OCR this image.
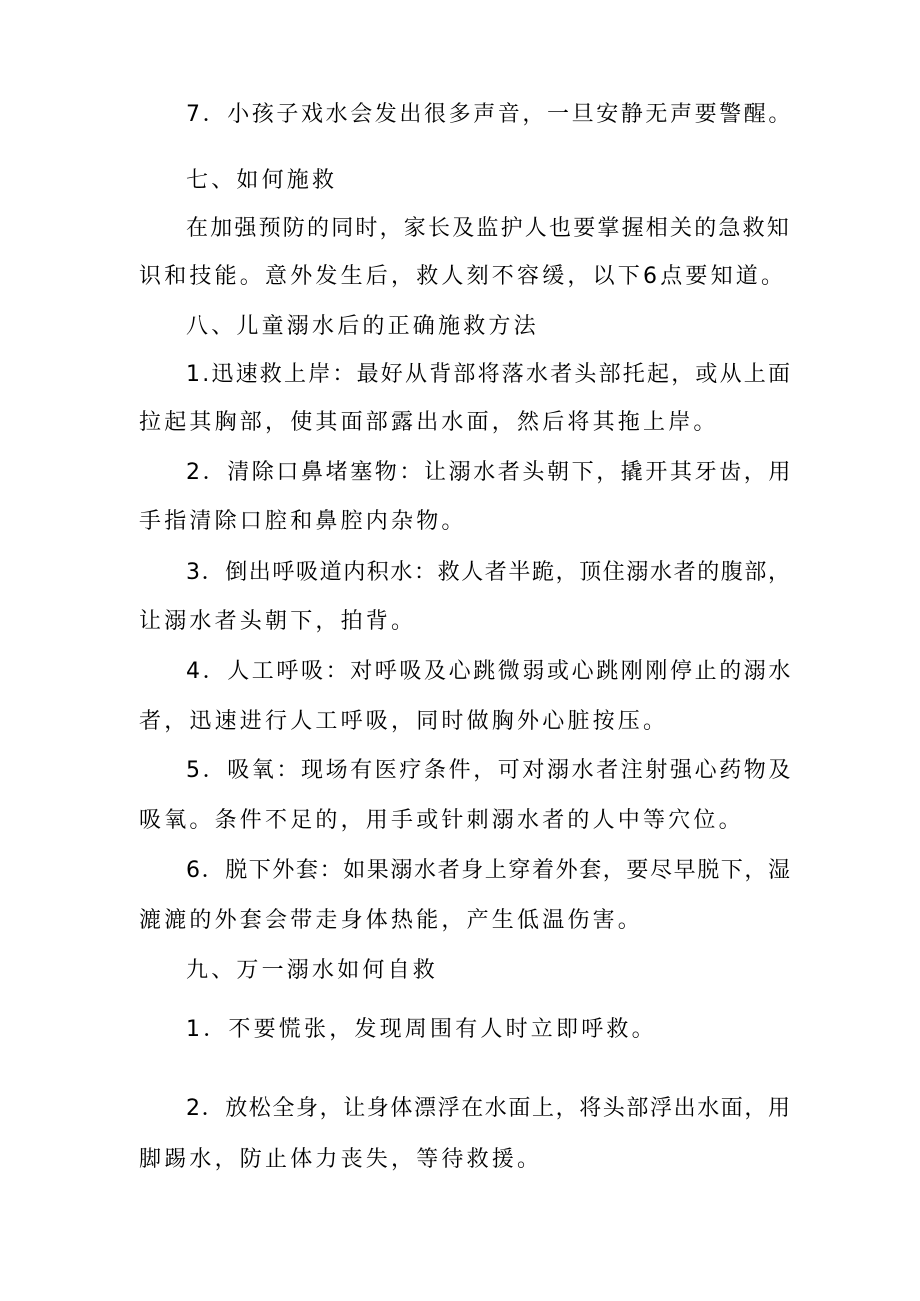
7．小孩子戏水会发出很多声音，一旦安静无声要警醒。
七、如何施救
在加强预防的同时，家长及监护人也要掌握相关的急救知
识和技能。意外发生后，救人刻不容缓，以下6点要知道。
八、儿童溺水后的正确施救方法
1.迅速救上岸：最好从背部将落水者头部托起，或从上面
拉起其胸部，使其面部露出水面，然后将其拖上岸。
2．清除口鼻堵塞物：让溺水者头朝下，撬开其牙齿，用
手指清除口腔和鼻腔内杂物。
3．倒出呼吸道内积水：救人者半跪，顶住溺水者的腹部，
让溺水者头朝下，拍背。
4．人工呼吸：对呼吸及心跳微弱或心跳刚刚停止的溺水
者，迅速进行人工呼吸，同时做胸外心脏按压。
5．吸氧：现场有医疗条件，可对溺水者注射强心药物及
吸氧。条件不足的，用手或针刺溺水者的人中等穴位。
6．脱下外套：如果溺水者身上穿着外套，要尽早脱下，湿
漉漉的外套会带走身体热能，产生低温伤害。
九、万一溺水如何自救
1．不要慌张，发现周围有人时立即呼救。
2．放松全身，让身体漂浮在水面上，将头部浮出水面，用
脚踢水，防止体力丧失，等待救援。
